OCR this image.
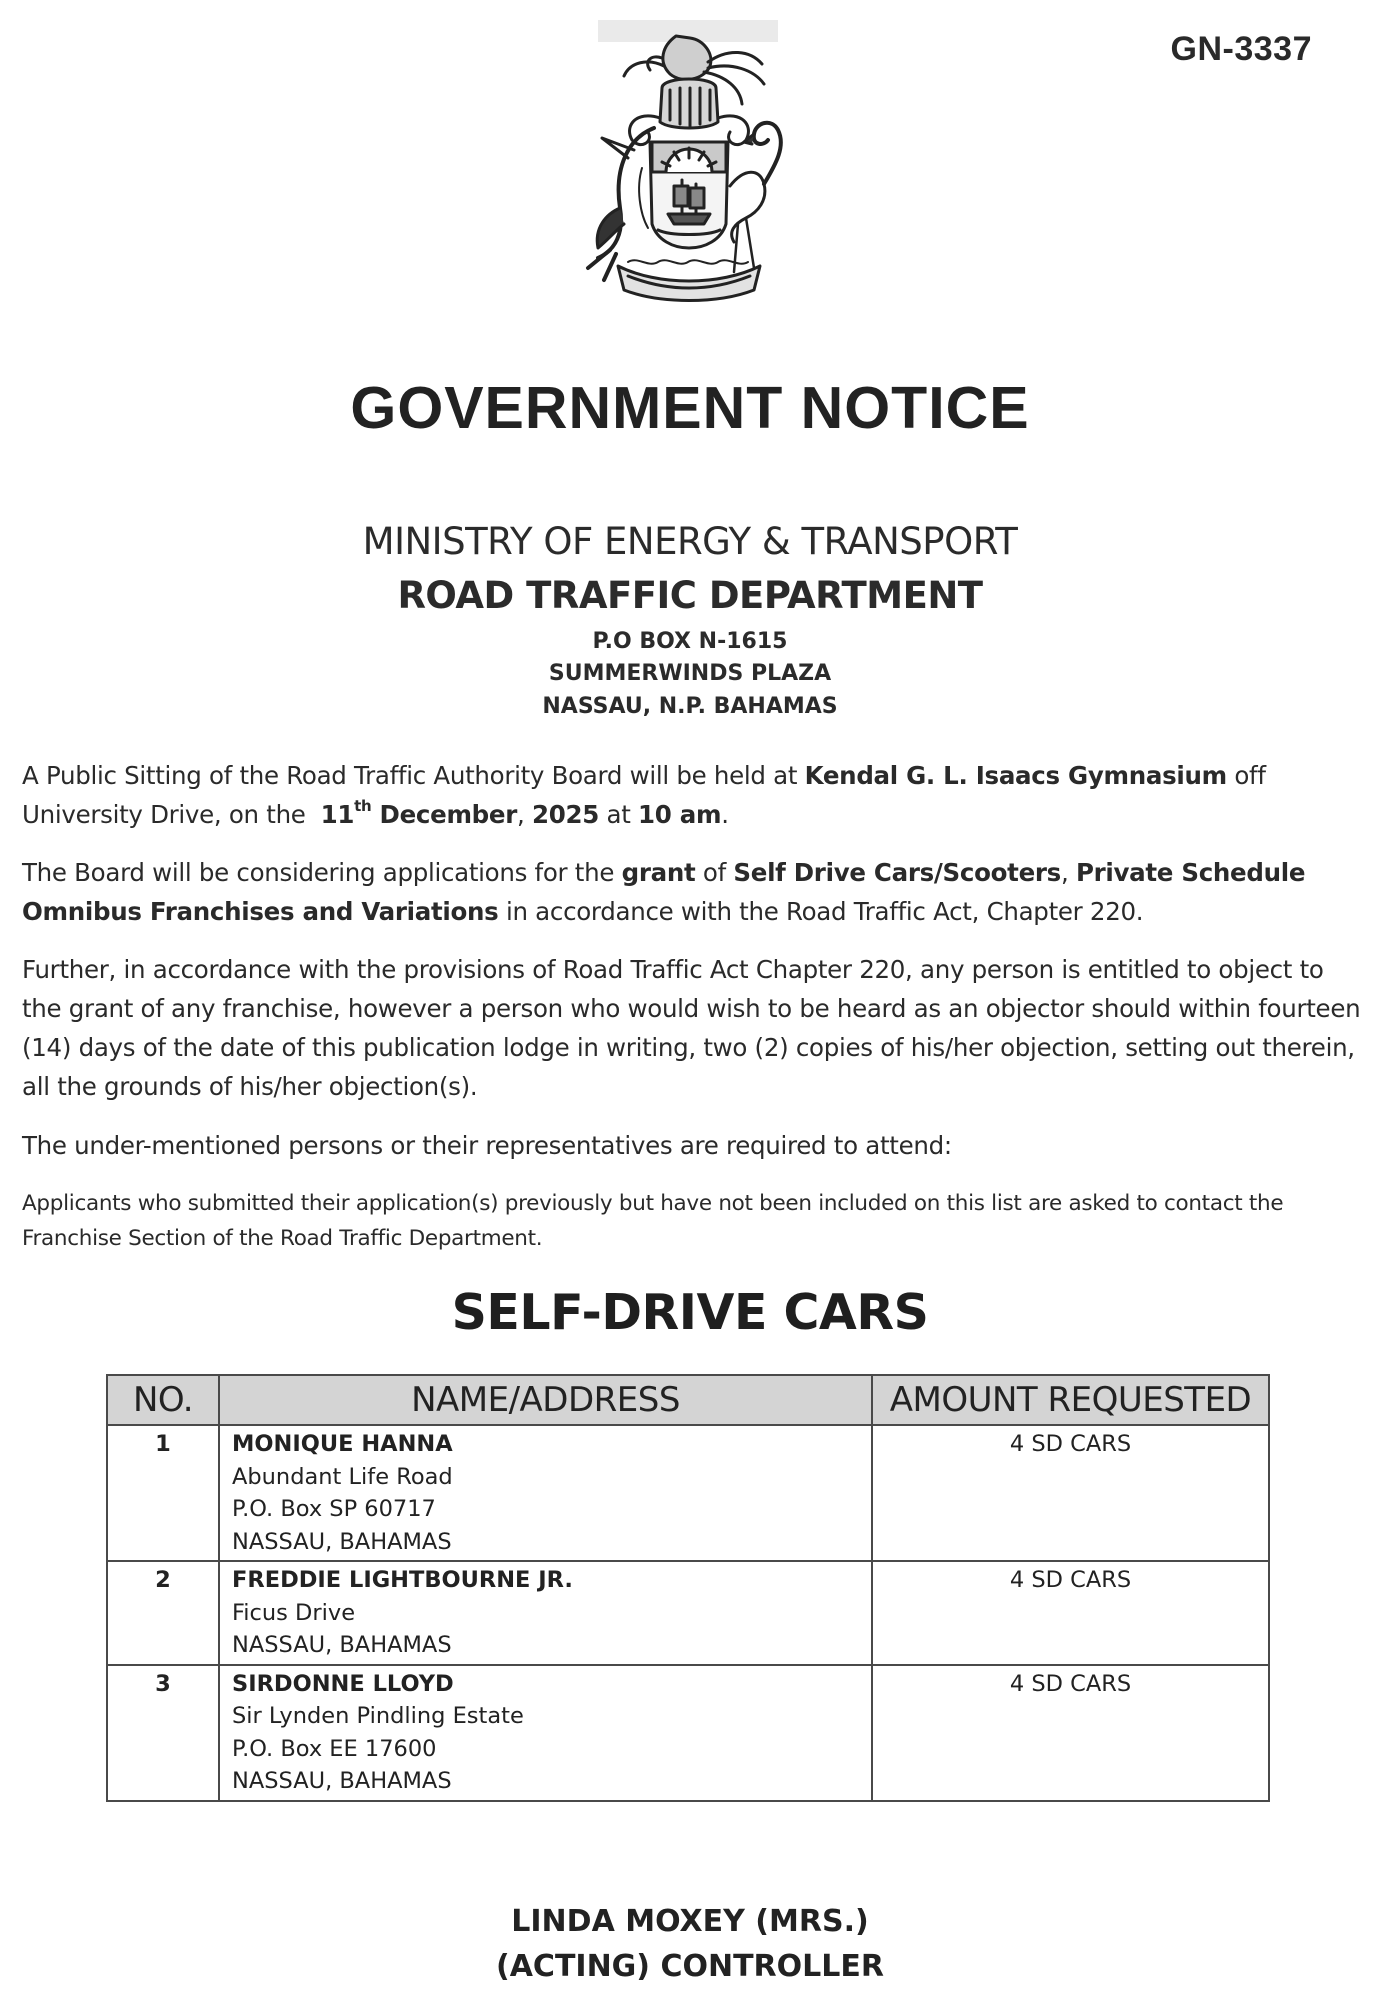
GN-3337
GOVERNMENT NOTICE
MINISTRY OF ENERGY & TRANSPORT
ROAD TRAFFIC DEPARTMENT
P.O BOX N-1615
SUMMERWINDS PLAZA
NASSAU, N.P. BAHAMAS
A Public Sitting of the Road Traffic Authority Board will be held at Kendal G. L. Isaacs Gymnasium off University Drive, on the  11th December, 2025 at 10 am.
The Board will be considering applications for the grant of Self Drive Cars/Scooters, Private Schedule Omnibus Franchises and Variations in accordance with the Road Traffic Act, Chapter 220.
Further, in accordance with the provisions of Road Traffic Act Chapter 220, any person is entitled to object to the grant of any franchise, however a person who would wish to be heard as an objector should within fourteen (14) days of the date of this publication lodge in writing, two (2) copies of his/her objection, setting out therein, all the grounds of his/her objection(s).
The under-mentioned persons or their representatives are required to attend:
Applicants who submitted their application(s) previously but have not been included on this list are asked to contact the Franchise Section of the Road Traffic Department.
SELF-DRIVE CARS
NO.	NAME/ADDRESS	AMOUNT REQUESTED
1	MONIQUE HANNA
Abundant Life Road
P.O. Box SP 60717
NASSAU, BAHAMAS	4 SD CARS
2	FREDDIE LIGHTBOURNE JR.
Ficus Drive
NASSAU, BAHAMAS	4 SD CARS
3	SIRDONNE LLOYD
Sir Lynden Pindling Estate
P.O. Box EE 17600
NASSAU, BAHAMAS	4 SD CARS
LINDA MOXEY (MRS.)
(ACTING) CONTROLLER
